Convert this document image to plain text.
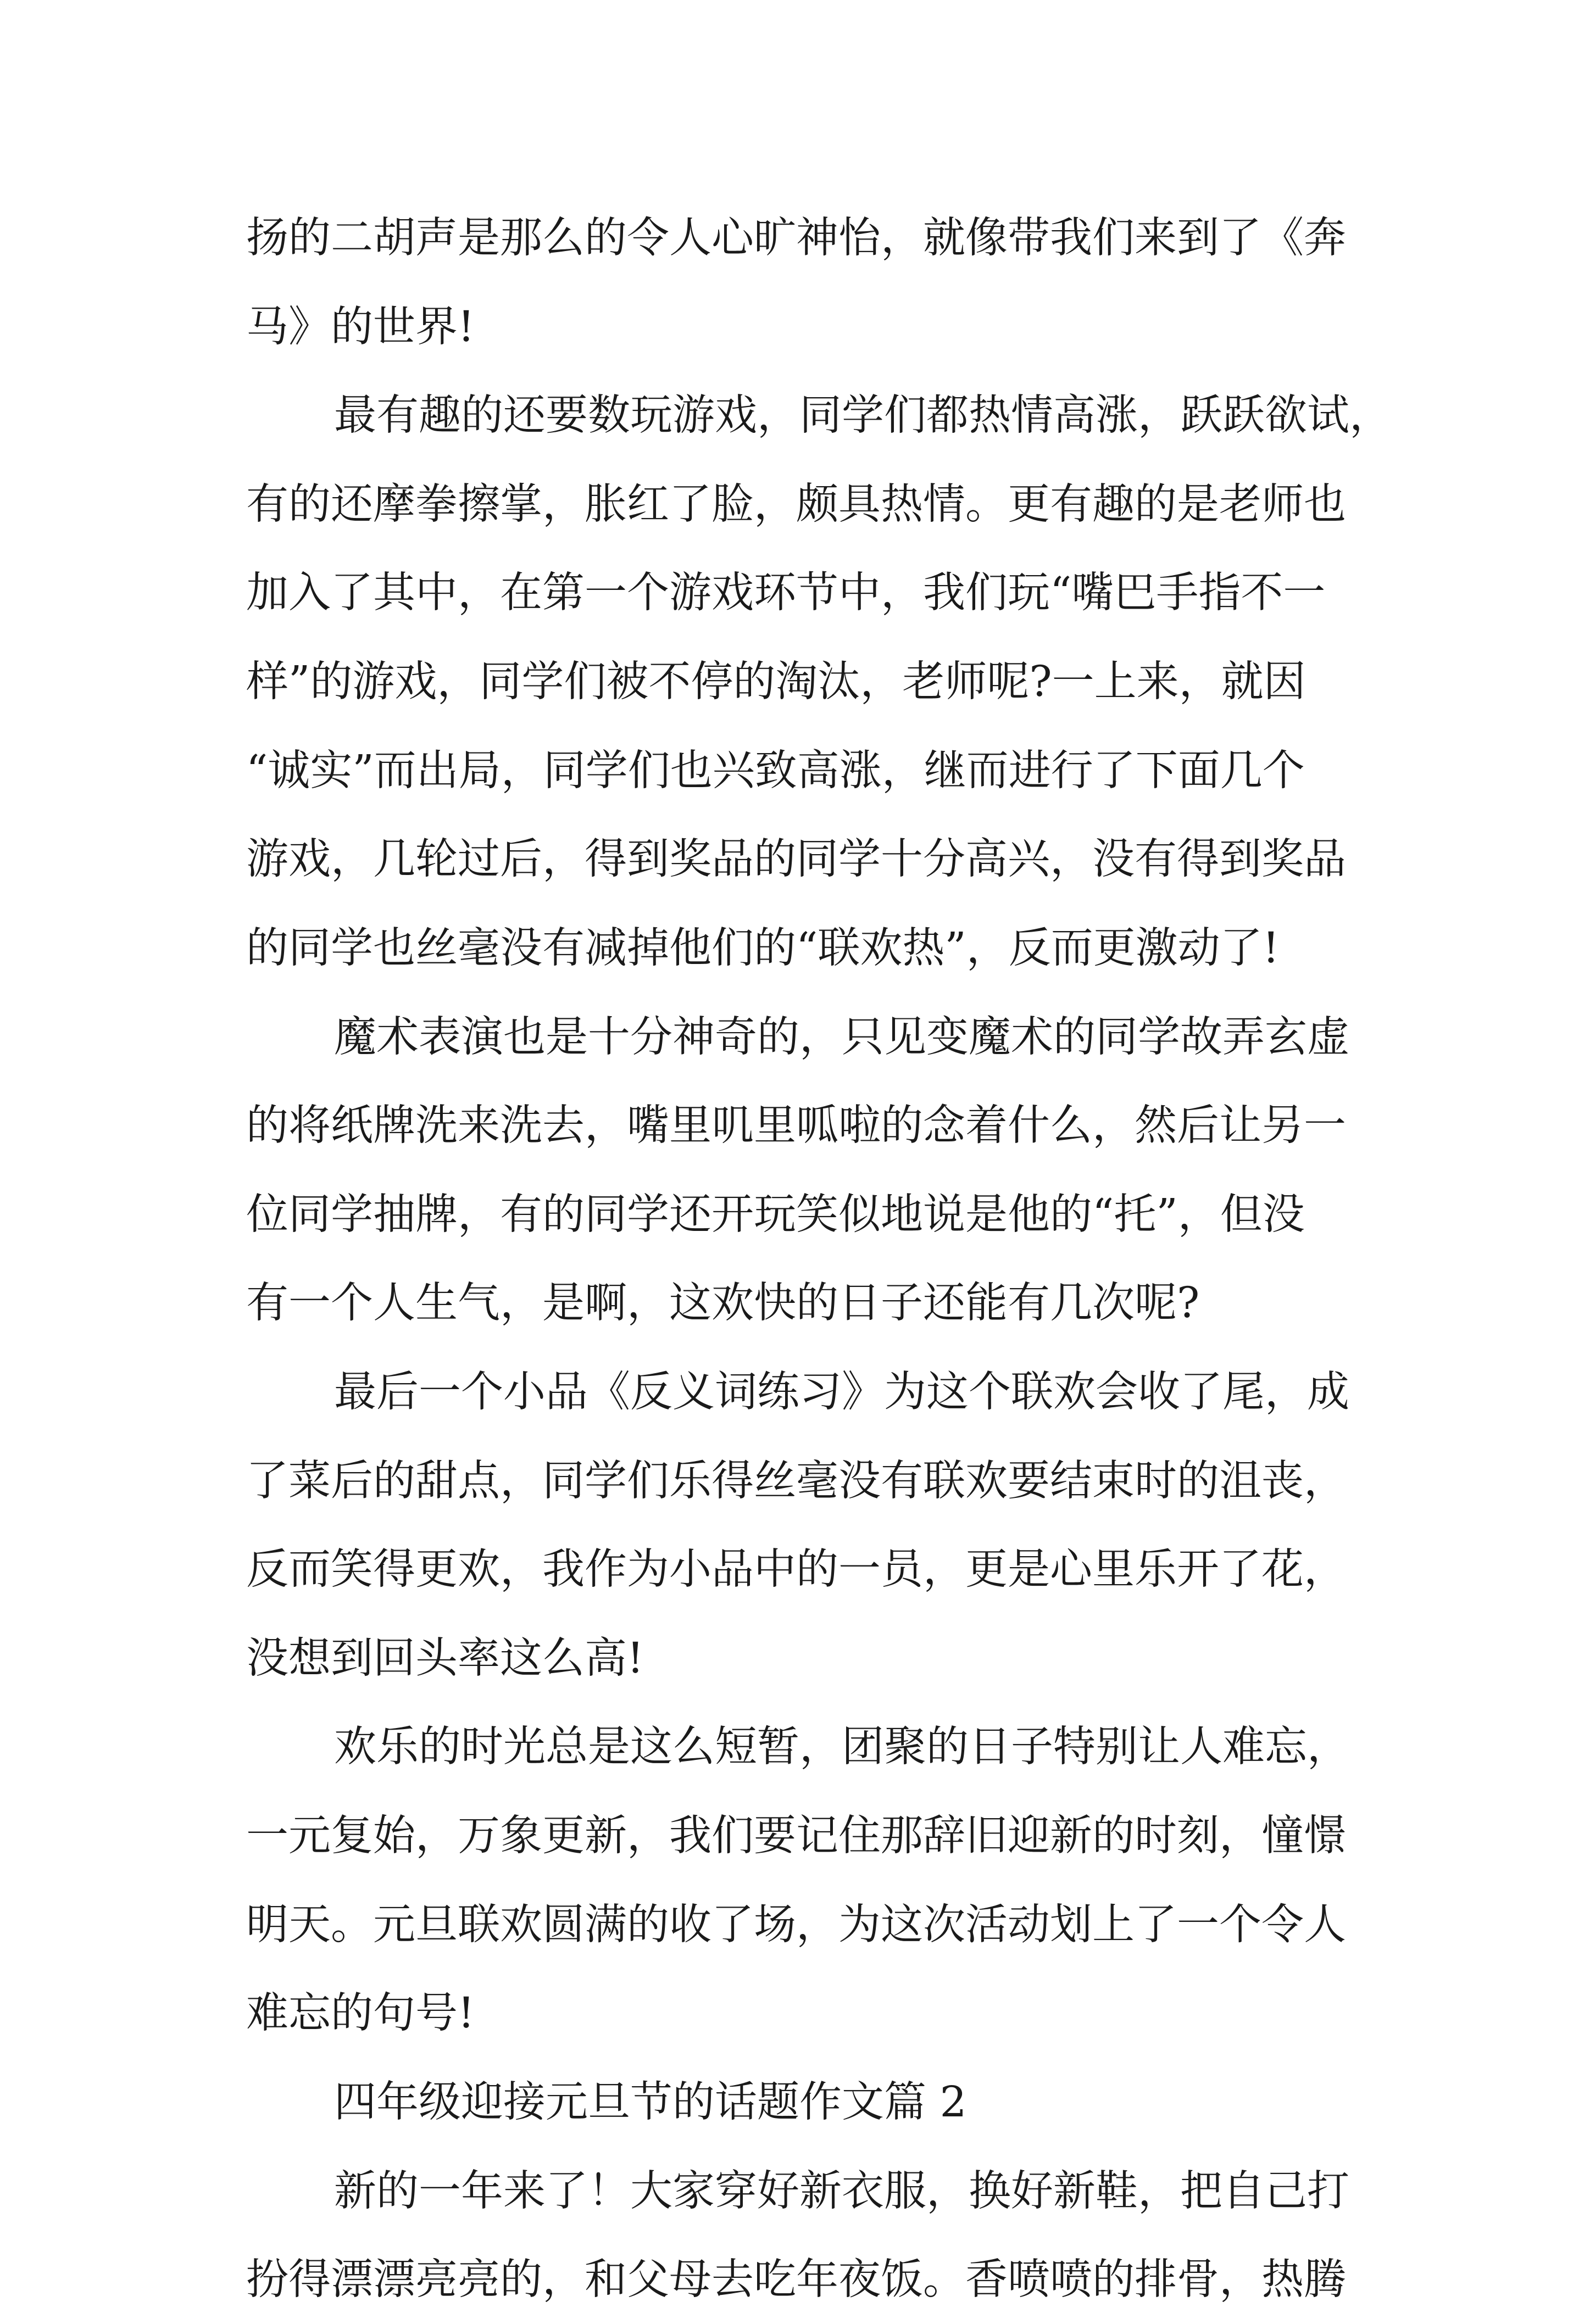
扬的二胡声是那么的令人心旷神怡，就像带我们来到了《奔
马》的世界!
最有趣的还要数玩游戏，同学们都热情高涨，跃跃欲试，
有的还摩拳擦掌，胀红了脸，颇具热情。更有趣的是老师也
加入了其中，在第一个游戏环节中，我们玩“嘴巴手指不一
样”的游戏，同学们被不停的淘汰，老师呢?一上来，就因
“诚实”而出局，同学们也兴致高涨，继而进行了下面几个
游戏，几轮过后，得到奖品的同学十分高兴，没有得到奖品
的同学也丝毫没有减掉他们的“联欢热”，反而更激动了!
魔术表演也是十分神奇的，只见变魔术的同学故弄玄虚
的将纸牌洗来洗去，嘴里叽里呱啦的念着什么，然后让另一
位同学抽牌，有的同学还开玩笑似地说是他的“托”，但没
有一个人生气，是啊，这欢快的日子还能有几次呢?
最后一个小品《反义词练习》为这个联欢会收了尾，成
了菜后的甜点，同学们乐得丝毫没有联欢要结束时的沮丧，
反而笑得更欢，我作为小品中的一员，更是心里乐开了花，
没想到回头率这么高!
欢乐的时光总是这么短暂，团聚的日子特别让人难忘，
一元复始，万象更新，我们要记住那辞旧迎新的时刻，憧憬
明天。元旦联欢圆满的收了场，为这次活动划上了一个令人
难忘的句号!
四年级迎接元旦节的话题作文篇 2
新的一年来了！大家穿好新衣服，换好新鞋，把自己打
扮得漂漂亮亮的，和父母去吃年夜饭。香喷喷的排骨，热腾
